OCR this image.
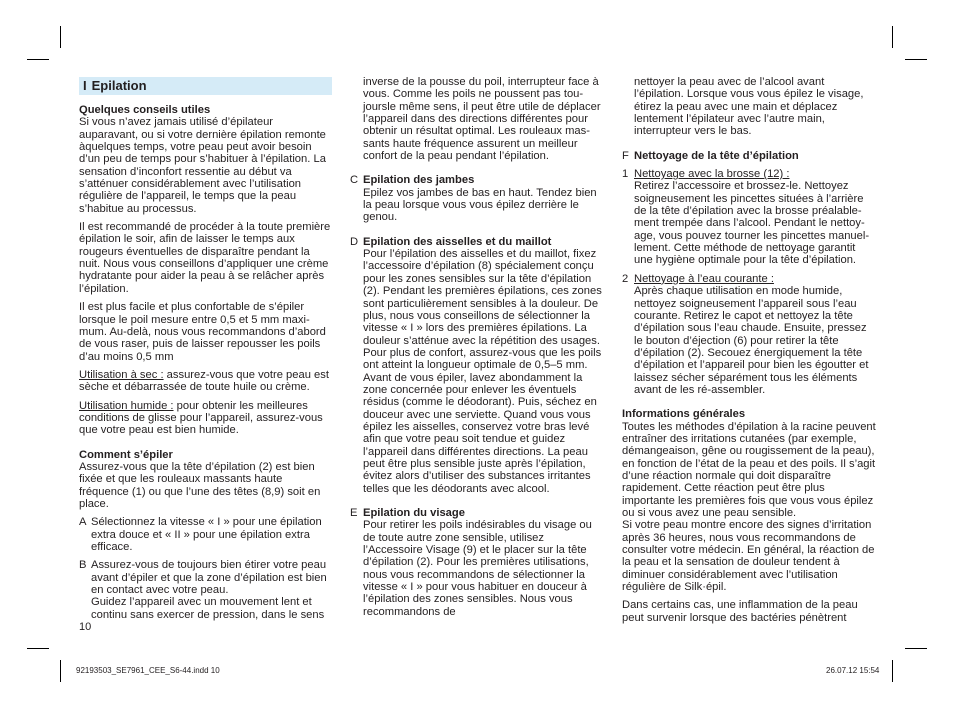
I Epilation

Quelques conseils utiles

Si vous n’avez jamais utilisé d’épilateur auparavant, ou si votre dernière épilation remonte àquelques temps, votre peau peut avoir besoin d’un peu de temps pour s’habituer à l’épilation. La sensation d’inconfort ressentie au début va s’atténuer considérablement avec l’utilisation régulière de l’appareil, le temps que la peau s’habitue au processus.

Il est recommandé de procéder à la toute première épilation le soir, afin de laisser le temps aux rougeurs éventuelles de disparaître pendant la nuit. Nous vous conseillons d’appliquer une crème hydratante pour aider la peau à se relâcher après l’épilation.

Il est plus facile et plus confortable de s’épiler lorsque le poil mesure entre 0,5 et 5 mm maximum. Au-delà, nous vous recommandons d’abord de vous raser, puis de laisser repousser les poils d’au moins 0,5 mm

Utilisation à sec : assurez-vous que votre peau est sèche et débarrassée de toute huile ou crème.

Utilisation humide : pour obtenir les meilleures conditions de glisse pour l’appareil, assurez-vous que votre peau est bien humide.

Comment s’épiler

Assurez-vous que la tête d’épilation (2) est bien fixée et que les rouleaux massants haute fréquence (1) ou que l’une des têtes (8,9) soit en place.

A Sélectionnez la vitesse « I » pour une épilation extra douce et « II » pour une épilation extra efficace.

B Assurez-vous de toujours bien étirer votre peau avant d’épiler et que la zone d’épilation est bien en contact avec votre peau.

Guidez l’appareil avec un mouvement lent et continu sans exercer de pression, dans le sens

inverse de la pousse du poil, interrupteur face à vous. Comme les poils ne poussent pas toujoursle même sens, il peut être utile de déplacer l’appareil dans des directions différentes pour obtenir un résultat optimal. Les rouleaux massants haute fréquence assurent un meilleur confort de la peau pendant l’épilation.

C Epilation des jambes

Epilez vos jambes de bas en haut. Tendez bien la peau lorsque vous vous épilez derrière le genou.

D Epilation des aisselles et du maillot

Pour l’épilation des aisselles et du maillot, fixez l’accessoire d’épilation (8) spécialement conçu pour les zones sensibles sur la tête d’épilation (2). Pendant les premières épilations, ces zones sont particulièrement sensibles à la douleur. De plus, nous vous conseillons de sélectionner la vitesse « I » lors des premières épilations. La douleur s’atténue avec la répétition des usages. Pour plus de confort, assurez-vous que les poils ont atteint la longueur optimale de 0,5–5 mm.

Avant de vous épiler, lavez abondamment la zone concernée pour enlever les éventuels résidus (comme le déodorant). Puis, séchez en douceur avec une serviette. Quand vous vous épilez les aisselles, conservez votre bras levé afin que votre peau soit tendue et guidez l’appareil dans différentes directions. La peau peut être plus sensible juste après l’épilation, évitez alors d’utiliser des substances irritantes telles que les déodorants avec alcool.

E Epilation du visage

Pour retirer les poils indésirables du visage ou de toute autre zone sensible, utilisez l’Accessoire Visage (9) et le placer sur la tête d’épilation (2). Pour les premières utilisations, nous vous recommandons de sélectionner la vitesse « I » pour vous habituer en douceur à l’épilation des zones sensibles. Nous vous recommandons de

nettoyer la peau avec de l’alcool avant l’épilation. Lorsque vous vous épilez le visage, étirez la peau avec une main et déplacez lentement l’épilateur avec l’autre main, interrupteur vers le bas.

F Nettoyage de la tête d’épilation

1 Nettoyage avec la brosse (12) :

Retirez l’accessoire et brossez-le. Nettoyez soigneusement les pincettes situées à l’arrière de la tête d’épilation avec la brosse préalablement trempée dans l’alcool. Pendant le nettoyage, vous pouvez tourner les pincettes manuellement. Cette méthode de nettoyage garantit une hygiène optimale pour la tête d’épilation.

2 Nettoyage à l’eau courante :

Après chaque utilisation en mode humide, nettoyez soigneusement l’appareil sous l’eau courante. Retirez le capot et nettoyez la tête d’épilation sous l’eau chaude. Ensuite, pressez le bouton d’éjection (6) pour retirer la tête d’épilation (2). Secouez énergiquement la tête d’épilation et l’appareil pour bien les égoutter et laissez sécher séparément tous les éléments avant de les ré-assembler.

Informations générales

Toutes les méthodes d’épilation à la racine peuvent entraîner des irritations cutanées (par exemple, démangeaison, gêne ou rougissement de la peau), en fonction de l’état de la peau et des poils. Il s’agit d’une réaction normale qui doit disparaître rapidement. Cette réaction peut être plus importante les premières fois que vous vous épilez ou si vous avez une peau sensible.

Si votre peau montre encore des signes d’irritation après 36 heures, nous vous recommandons de consulter votre médecin. En général, la réaction de la peau et la sensation de douleur tendent à diminuer considérablement avec l’utilisation régulière de Silk·épil.

Dans certains cas, une inflammation de la peau peut survenir lorsque des bactéries pénètrent

10
92193503_SE7961_CEE_S6-44.indd 10	26.07.12 15:54
